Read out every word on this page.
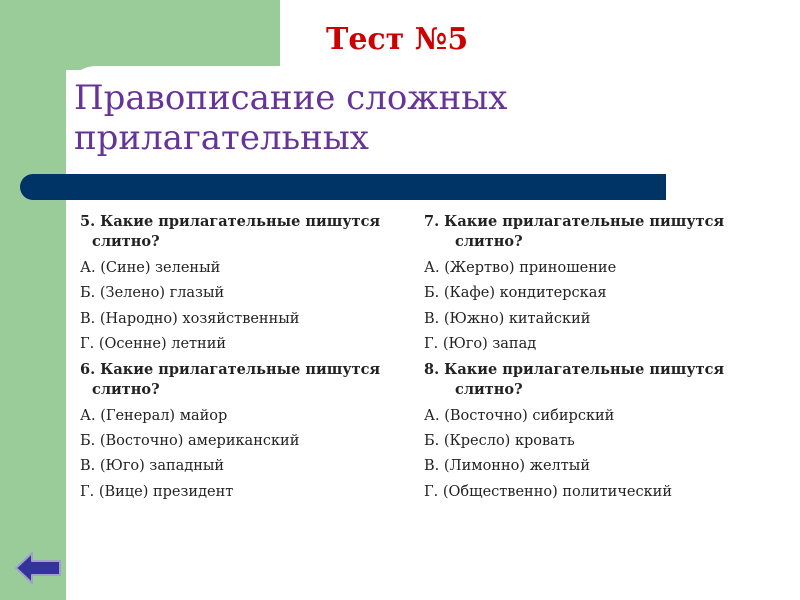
Тест №5
Правописание сложных прилагательных
5. Какие прилагательные пишутся слитно?
А. (Сине) зеленый
Б. (Зелено) глазый
В. (Народно) хозяйственный
Г. (Осенне) летний
6. Какие прилагательные пишутся слитно?
А. (Генерал) майор
Б. (Восточно) американский
В. (Юго) западный
Г. (Вице) президент
7. Какие прилагательные пишутся слитно?
А. (Жертво) приношение
Б. (Кафе) кондитерская
В. (Южно) китайский
Г. (Юго) запад
8. Какие прилагательные пишутся слитно?
А. (Восточно) сибирский
Б. (Кресло) кровать
В. (Лимонно) желтый
Г. (Общественно) политический
